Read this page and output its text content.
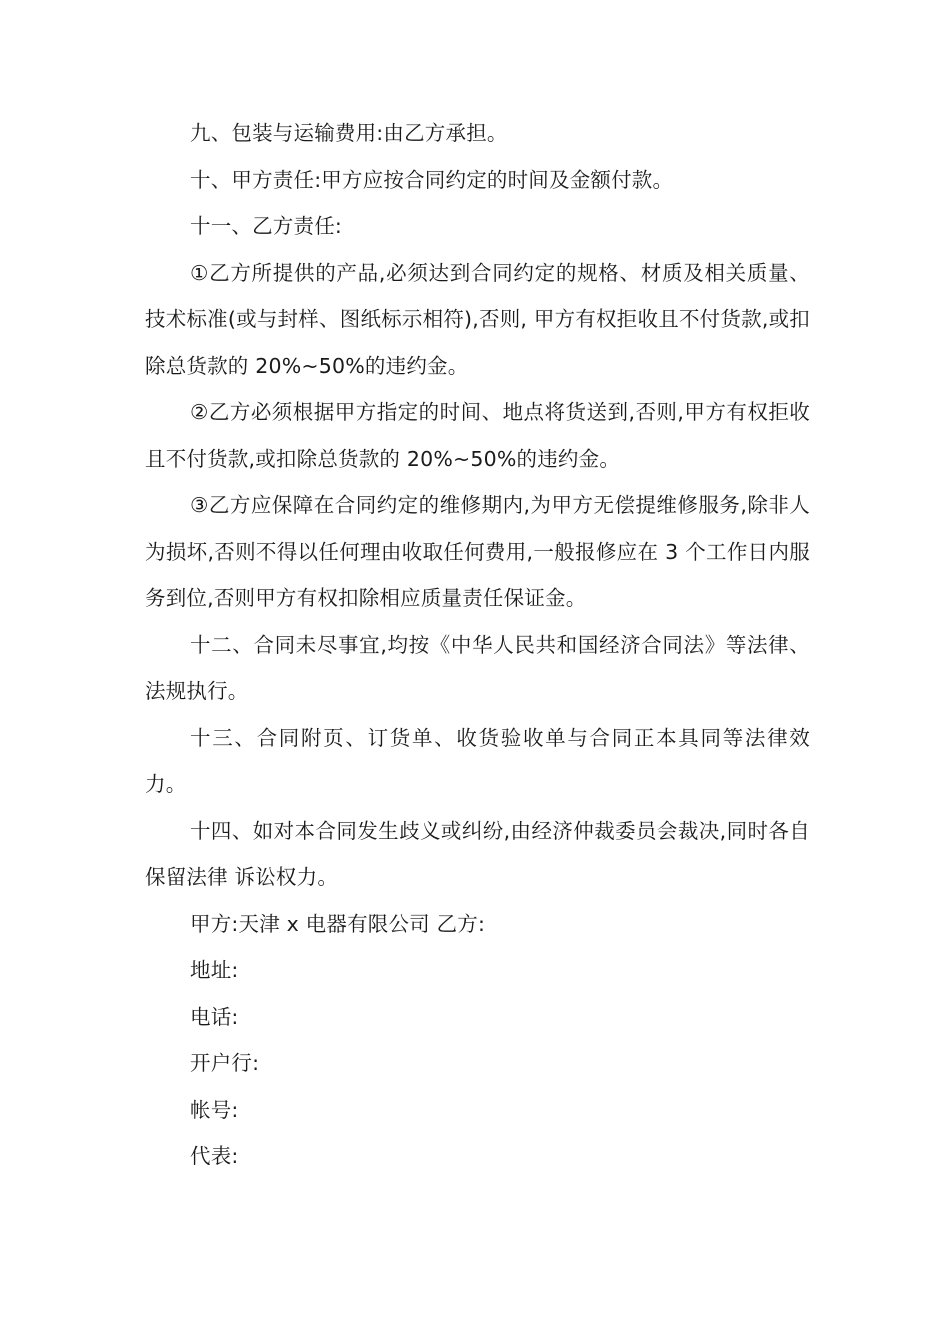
九、包装与运输费用:由乙方承担。

十、甲方责任:甲方应按合同约定的时间及金额付款。

十一、乙方责任:

①乙方所提供的产品,必须达到合同约定的规格、材质及相关质量、技术标准(或与封样、图纸标示相符),否则, 甲方有权拒收且不付货款,或扣除总货款的 20%~50%的违约金。

②乙方必须根据甲方指定的时间、地点将货送到,否则,甲方有权拒收且不付货款,或扣除总货款的 20%~50%的违约金。

③乙方应保障在合同约定的维修期内,为甲方无偿提维修服务,除非人为损坏,否则不得以任何理由收取任何费用,一般报修应在 3 个工作日内服务到位,否则甲方有权扣除相应质量责任保证金。

十二、合同未尽事宜,均按《中华人民共和国经济合同法》等法律、法规执行。

十三、合同附页、订货单、收货验收单与合同正本具同等法律效力。

十四、如对本合同发生歧义或纠纷,由经济仲裁委员会裁决,同时各自保留法律 诉讼权力。

甲方:天津 x 电器有限公司 乙方:

地址:

电话:

开户行:

帐号:

代表:
